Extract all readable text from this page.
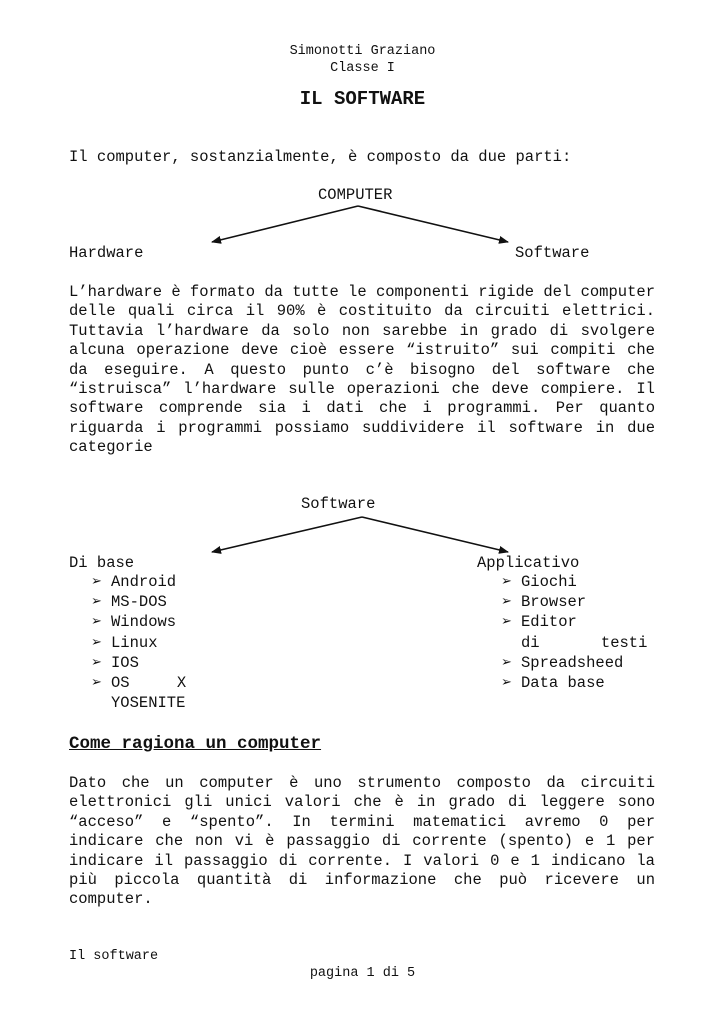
Simonotti Graziano
Classe I
IL SOFTWARE
Il computer, sostanzialmente, è composto da due parti:
COMPUTER
Hardware	Software
L’hardware è formato da tutte le componenti rigide del computer delle quali circa il 90% è costituito da circuiti elettrici. Tuttavia l’hardware da solo non sarebbe in grado di svolgere alcuna operazione deve cioè essere “istruito” sui compiti che da eseguire. A questo punto c’è bisogno del software che “istruisca” l’hardware sulle operazioni che deve compiere. Il software comprende sia i dati che i programmi. Per quanto riguarda i programmi possiamo suddividere il software in due categorie
Software
Di base	Applicativo
➢ Android
➢ MS-DOS
➢ Windows
➢ Linux
➢ IOS
➢ OS X YOSENITE
➢ Giochi
➢ Browser
➢ Editor di testi
➢ Spreadsheed
➢ Data base
Come ragiona un computer
Dato che un computer è uno strumento composto da circuiti elettronici gli unici valori che è in grado di leggere sono “acceso” e “spento”. In termini matematici avremo 0 per indicare che non vi è passaggio di corrente (spento) e 1 per indicare il passaggio di corrente. I valori 0 e 1 indicano la più piccola quantità di informazione che può ricevere un computer.
Il software
pagina 1 di 5
